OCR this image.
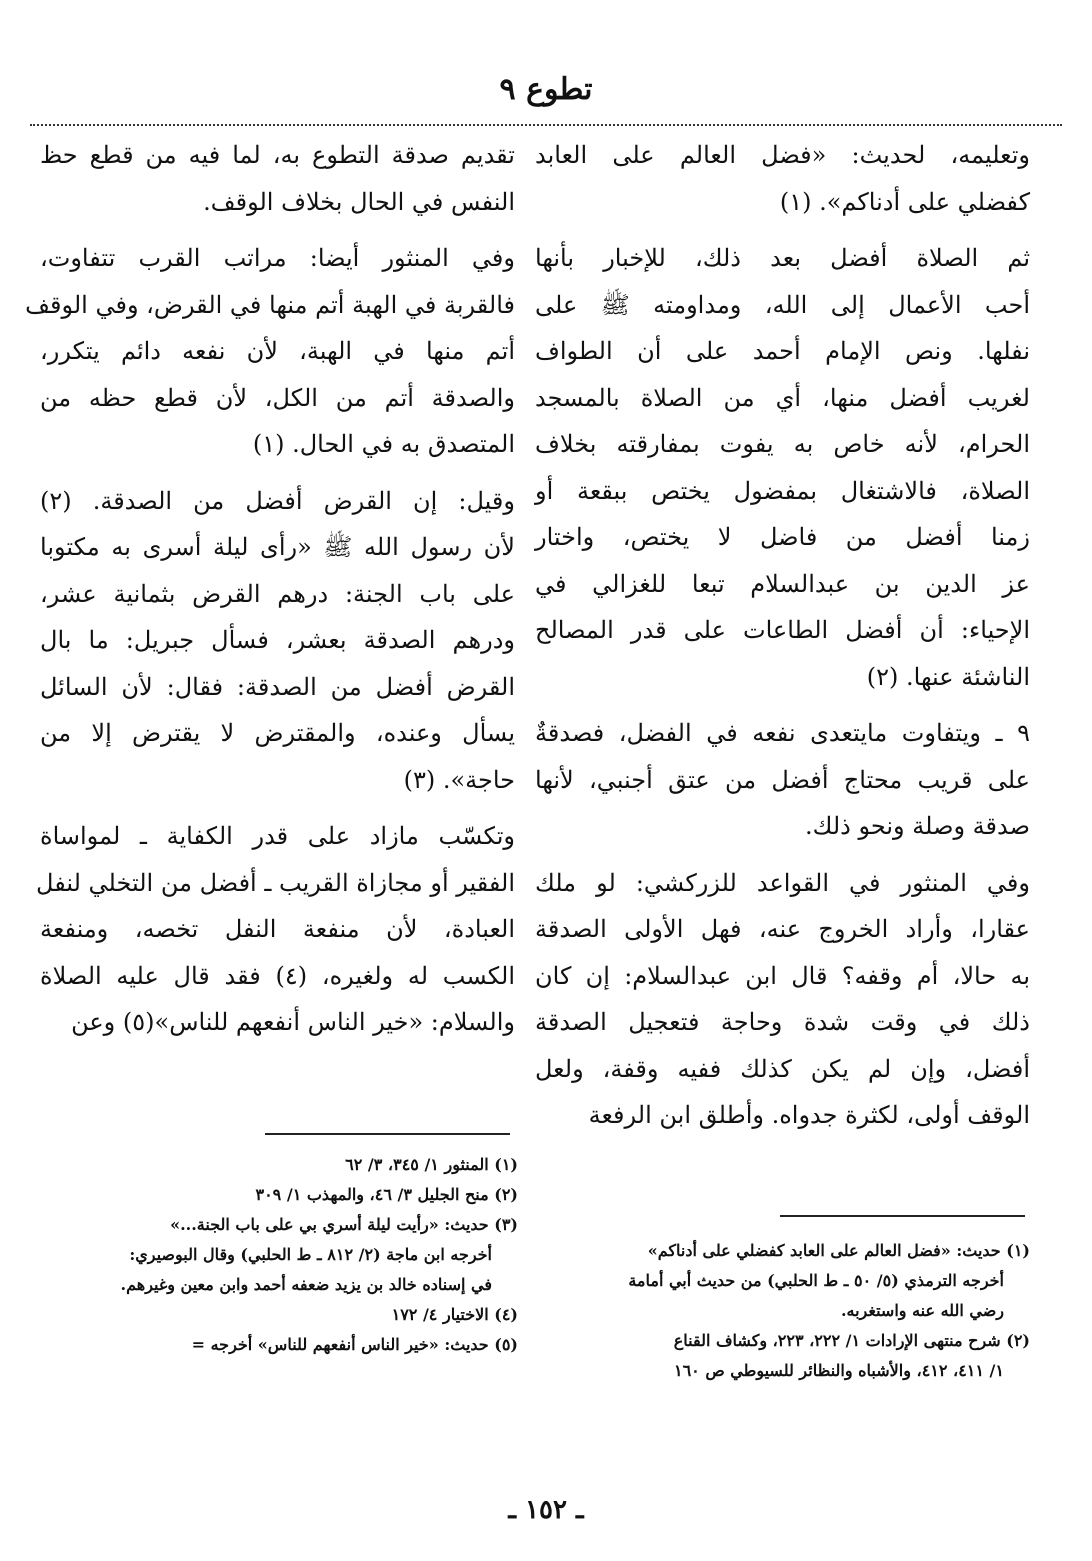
تطوع ٩
وتعليمه، لحديث: «فضل العالم على العابد
كفضلي على أدناكم». (١)
ثم الصلاة أفضل بعد ذلك، للإخبار بأنها
أحب الأعمال إلى الله، ومداومته ﷺ على
نفلها. ونص الإمام أحمد على أن الطواف
لغريب أفضل منها، أي من الصلاة بالمسجد
الحرام، لأنه خاص به يفوت بمفارقته بخلاف
الصلاة، فالاشتغال بمفضول يختص ببقعة أو
زمنا أفضل من فاضل لا يختص، واختار
عز الدين بن عبدالسلام تبعا للغزالي في
الإحياء: أن أفضل الطاعات على قدر المصالح
الناشئة عنها. (٢)
٩ ـ ويتفاوت مايتعدى نفعه في الفضل، فصدقةٌ
على قريب محتاج أفضل من عتق أجنبي، لأنها
صدقة وصلة ونحو ذلك.
وفي المنثور في القواعد للزركشي: لو ملك
عقارا، وأراد الخروج عنه، فهل الأولى الصدقة
به حالا، أم وقفه؟ قال ابن عبدالسلام: إن كان
ذلك في وقت شدة وحاجة فتعجيل الصدقة
أفضل، وإن لم يكن كذلك ففيه وقفة، ولعل
الوقف أولى، لكثرة جدواه. وأطلق ابن الرفعة
تقديم صدقة التطوع به، لما فيه من قطع حظ
النفس في الحال بخلاف الوقف.
وفي المنثور أيضا: مراتب القرب تتفاوت،
فالقربة في الهبة أتم منها في القرض، وفي الوقف
أتم منها في الهبة، لأن نفعه دائم يتكرر،
والصدقة أتم من الكل، لأن قطع حظه من
المتصدق به في الحال. (١)
وقيل: إن القرض أفضل من الصدقة. (٢)
لأن رسول الله ﷺ «رأى ليلة أسرى به مكتوبا
على باب الجنة: درهم القرض بثمانية عشر،
ودرهم الصدقة بعشر، فسأل جبريل: ما بال
القرض أفضل من الصدقة: فقال: لأن السائل
يسأل وعنده، والمقترض لا يقترض إلا من
حاجة». (٣)
وتكسّب مازاد على قدر الكفاية ـ لمواساة
الفقير أو مجازاة القريب ـ أفضل من التخلي لنفل
العبادة، لأن منفعة النفل تخصه، ومنفعة
الكسب له ولغيره، (٤) فقد قال عليه الصلاة
والسلام: «خير الناس أنفعهم للناس»(٥) وعن
(١) المنثور ١/ ٣٤٥، ٣/ ٦٢
(٢) منح الجليل ٣/ ٤٦، والمهذب ١/ ٣٠٩
(٣) حديث: «رأيت ليلة أسري بي على باب الجنة...»
أخرجه ابن ماجة (٢/ ٨١٢ ـ ط الحلبي) وقال البوصيري:
في إسناده خالد بن يزيد ضعفه أحمد وابن معين وغيرهم.
(٤) الاختيار ٤/ ١٧٢
(٥) حديث: «خير الناس أنفعهم للناس» أخرجه =
(١) حديث: «فضل العالم على العابد كفضلي على أدناكم»
أخرجه الترمذي (٥/ ٥٠ ـ ط الحلبي) من حديث أبي أمامة
رضي الله عنه واستغربه.
(٢) شرح منتهى الإرادات ١/ ٢٢٢، ٢٢٣، وكشاف القناع
١/ ٤١١، ٤١٢، والأشباه والنظائر للسيوطي ص ١٦٠
ـ ١٥٢ ـ
